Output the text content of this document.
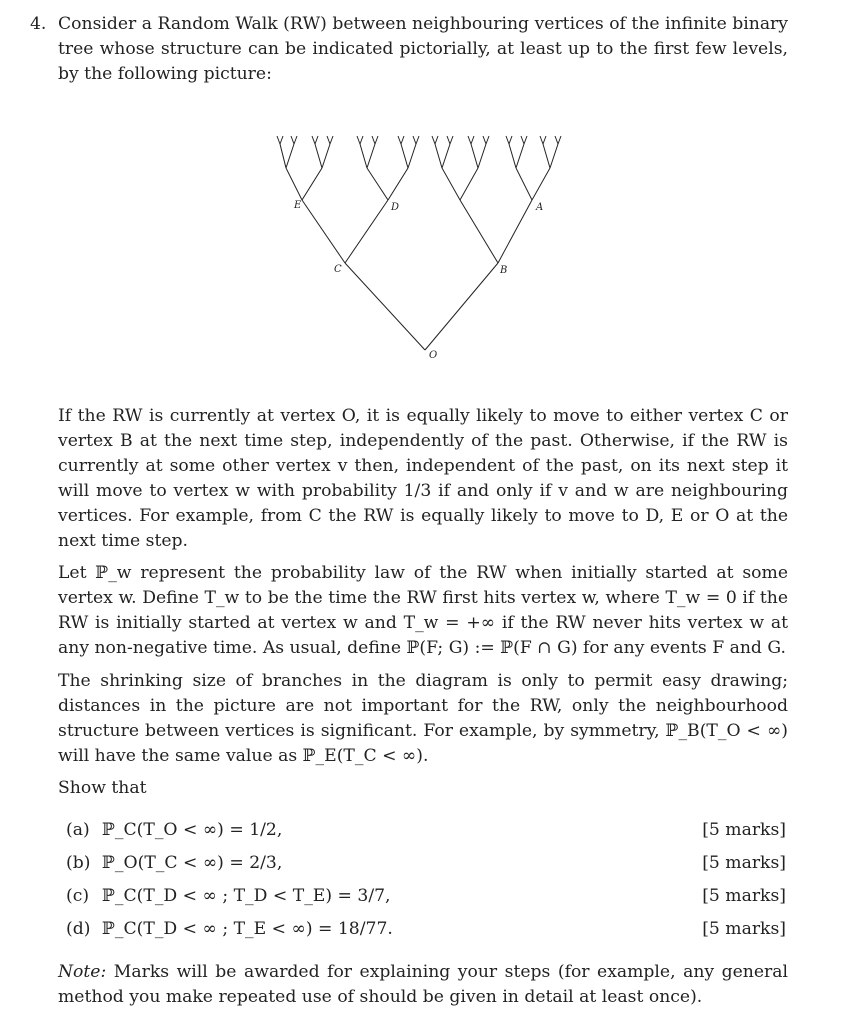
4. Consider a Random Walk (RW) between neighbouring vertices of the infinite binary tree whose structure can be indicated pictorially, at least up to the first few levels, by the following picture:

E	D	A
C	B
O

If the RW is currently at vertex O, it is equally likely to move to either vertex C or vertex B at the next time step, independently of the past. Otherwise, if the RW is currently at some other vertex v then, independent of the past, on its next step it will move to vertex w with probability 1/3 if and only if v and w are neighbouring vertices. For example, from C the RW is equally likely to move to D, E or O at the next time step.

Let ℙ_w represent the probability law of the RW when initially started at some vertex w. Define T_w to be the time the RW first hits vertex w, where T_w = 0 if the RW is initially started at vertex w and T_w = +∞ if the RW never hits vertex w at any non-negative time. As usual, define ℙ(F; G) := ℙ(F ∩ G) for any events F and G.

The shrinking size of branches in the diagram is only to permit easy drawing; distances in the picture are not important for the RW, only the neighbourhood structure between vertices is significant. For example, by symmetry, ℙ_B(T_O < ∞) will have the same value as ℙ_E(T_C < ∞).

Show that

(a) ℙ_C(T_O < ∞) = 1/2,	[5 marks]
(b) ℙ_O(T_C < ∞) = 2/3,	[5 marks]
(c) ℙ_C(T_D < ∞ ; T_D < T_E) = 3/7,	[5 marks]
(d) ℙ_C(T_D < ∞ ; T_E < ∞) = 18/77.	[5 marks]

Note: Marks will be awarded for explaining your steps (for example, any general method you make repeated use of should be given in detail at least once).
